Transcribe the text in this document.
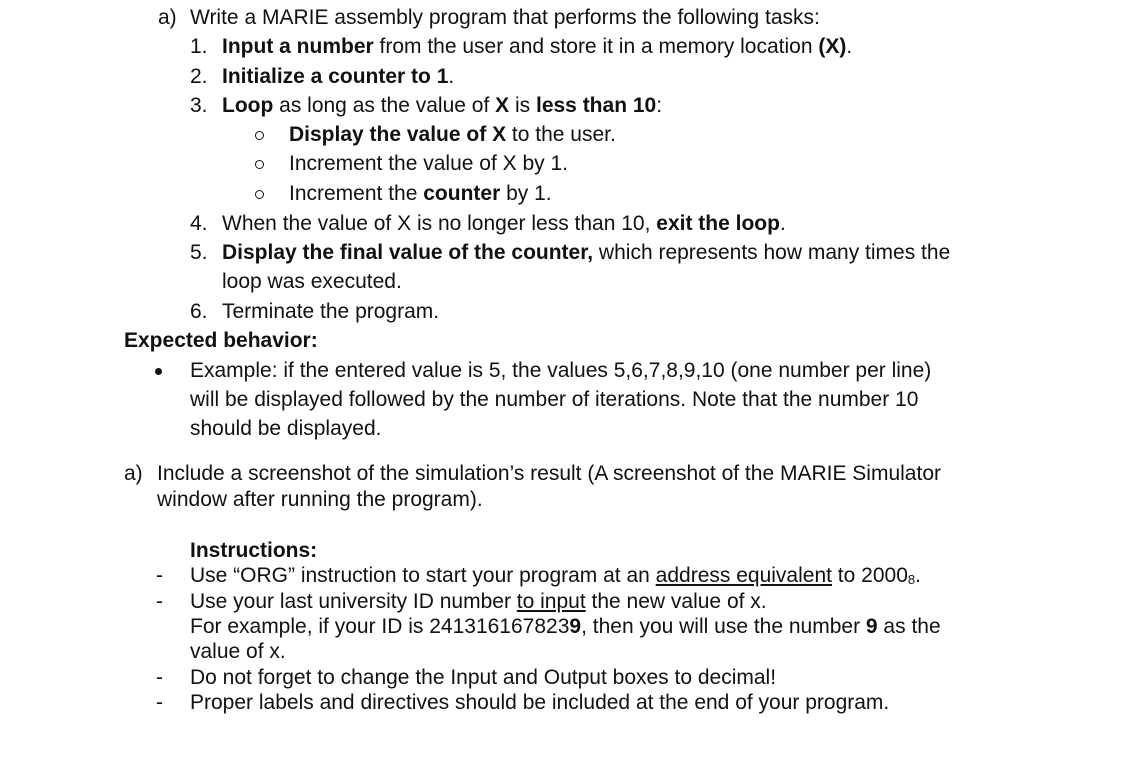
a) Write a MARIE assembly program that performs the following tasks:
1. Input a number from the user and store it in a memory location (X).
2. Initialize a counter to 1.
3. Loop as long as the value of X is less than 10:
Display the value of X to the user.
Increment the value of X by 1.
Increment the counter by 1.
4. When the value of X is no longer less than 10, exit the loop.
5. Display the final value of the counter, which represents how many times the
loop was executed.
6. Terminate the program.
Expected behavior:
Example: if the entered value is 5, the values 5,6,7,8,9,10 (one number per line)
will be displayed followed by the number of iterations. Note that the number 10
should be displayed.
a) Include a screenshot of the simulation’s result (A screenshot of the MARIE Simulator
window after running the program).
Instructions:
- Use “ORG” instruction to start your program at an address equivalent to $2000_8$.
- Use your last university ID number to input the new value of x.
For example, if your ID is 2413161678239, then you will use the number 9 as the
value of x.
- Do not forget to change the Input and Output boxes to decimal!
- Proper labels and directives should be included at the end of your program.
